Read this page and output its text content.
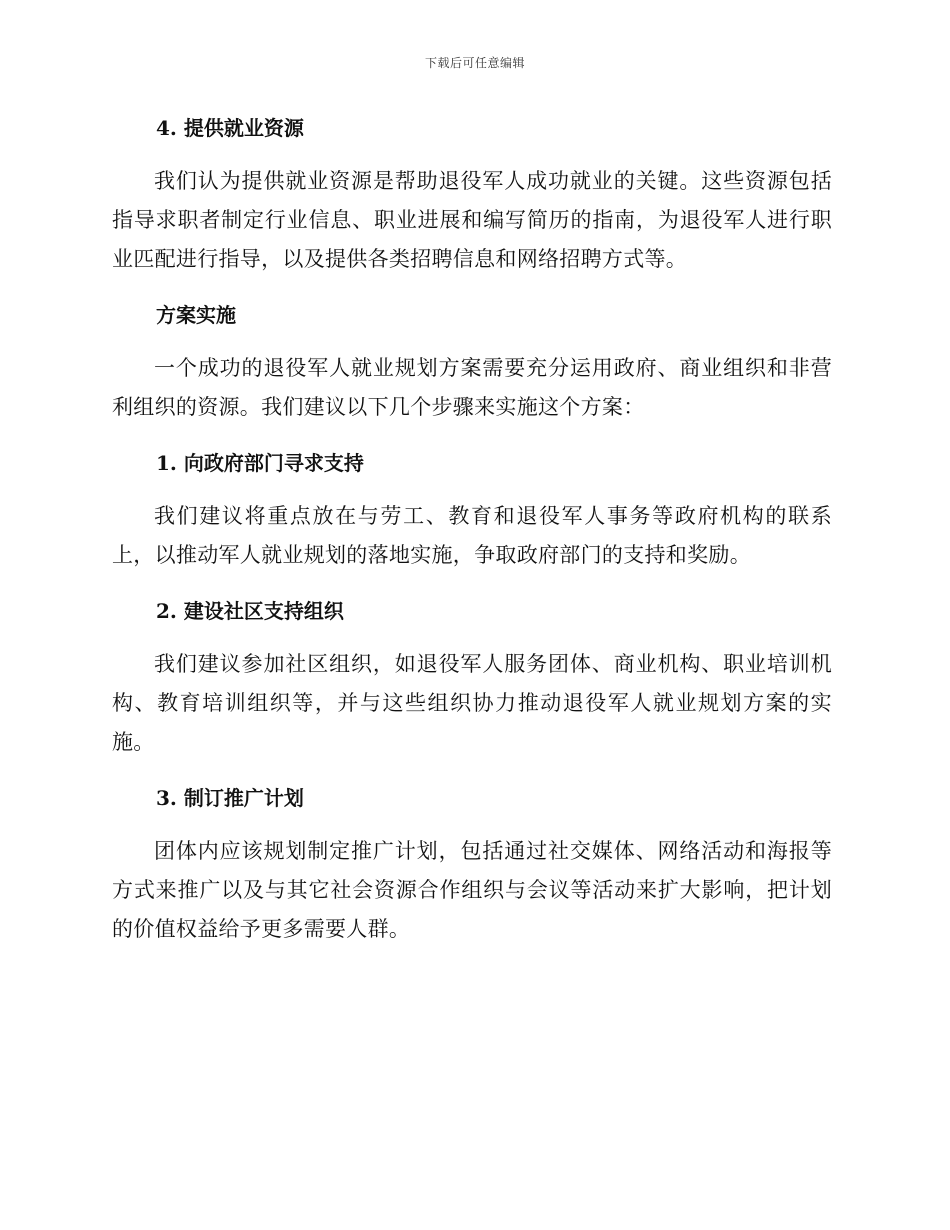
下载后可任意编辑
4. 提供就业资源

我们认为提供就业资源是帮助退役军人成功就业的关键。这些资源包括指导求职者制定行业信息、职业进展和编写简历的指南，为退役军人进行职业匹配进行指导，以及提供各类招聘信息和网络招聘方式等。

方案实施

一个成功的退役军人就业规划方案需要充分运用政府、商业组织和非营利组织的资源。我们建议以下几个步骤来实施这个方案：

1. 向政府部门寻求支持

我们建议将重点放在与劳工、教育和退役军人事务等政府机构的联系上，以推动军人就业规划的落地实施，争取政府部门的支持和奖励。

2. 建设社区支持组织

我们建议参加社区组织，如退役军人服务团体、商业机构、职业培训机构、教育培训组织等，并与这些组织协力推动退役军人就业规划方案的实施。

3. 制订推广计划

团体内应该规划制定推广计划，包括通过社交媒体、网络活动和海报等方式来推广以及与其它社会资源合作组织与会议等活动来扩大影响，把计划的价值权益给予更多需要人群。
